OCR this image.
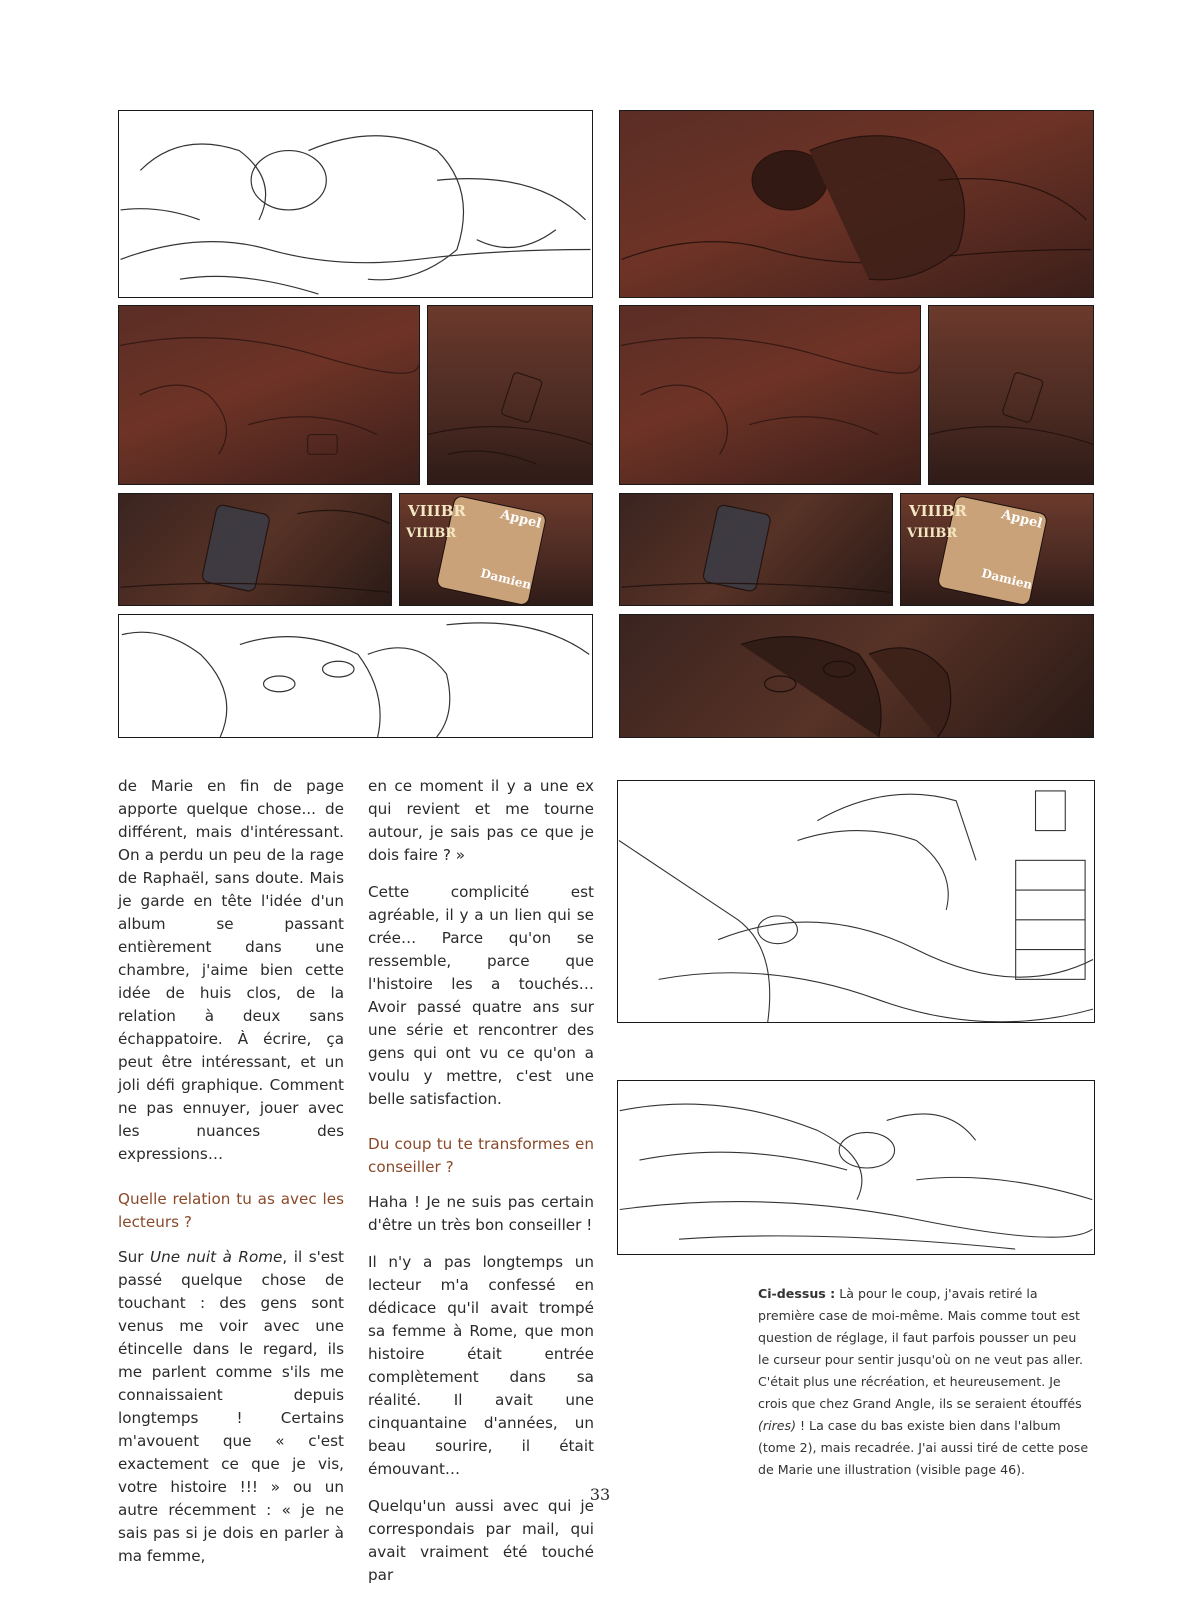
VIIIBR
VIIIBR
Appel
Damien
VIIIBR
VIIIBR
Appel
Damien

de Marie en fin de page apporte quelque chose... de différent, mais d'intéressant. On a perdu un peu de la rage de Raphaël, sans doute. Mais je garde en tête l'idée d'un album se passant entièrement dans une chambre, j'aime bien cette idée de huis clos, de la relation à deux sans échappatoire. À écrire, ça peut être intéressant, et un joli défi graphique. Comment ne pas ennuyer, jouer avec les nuances des expressions…

Quelle relation tu as avec les lecteurs ?

Sur Une nuit à Rome, il s'est passé quelque chose de touchant : des gens sont venus me voir avec une étincelle dans le regard, ils me parlent comme s'ils me connaissaient depuis longtemps ! Certains m'avouent que « c'est exactement ce que je vis, votre histoire !!! » ou un autre récemment : « je ne sais pas si je dois en parler à ma femme,

en ce moment il y a une ex qui revient et me tourne autour, je sais pas ce que je dois faire ? »

Cette complicité est agréable, il y a un lien qui se crée… Parce qu'on se ressemble, parce que l'histoire les a touchés… Avoir passé quatre ans sur une série et rencontrer des gens qui ont vu ce qu'on a voulu y mettre, c'est une belle satisfaction.

Du coup tu te transformes en conseiller ?

Haha ! Je ne suis pas certain d'être un très bon conseiller !

Il n'y a pas longtemps un lecteur m'a confessé en dédicace qu'il avait trompé sa femme à Rome, que mon histoire était entrée complètement dans sa réalité. Il avait une cinquantaine d'années, un beau sourire, il était émouvant…

Quelqu'un aussi avec qui je correspondais par mail, qui avait vraiment été touché par

Ci-dessus : Là pour le coup, j'avais retiré la première case de moi-même. Mais comme tout est question de réglage, il faut parfois pousser un peu le curseur pour sentir jusqu'où on ne veut pas aller. C'était plus une récréation, et heureusement. Je crois que chez Grand Angle, ils se seraient étouffés (rires) ! La case du bas existe bien dans l'album (tome 2), mais recadrée. J'ai aussi tiré de cette pose de Marie une illustration (visible page 46).
33
